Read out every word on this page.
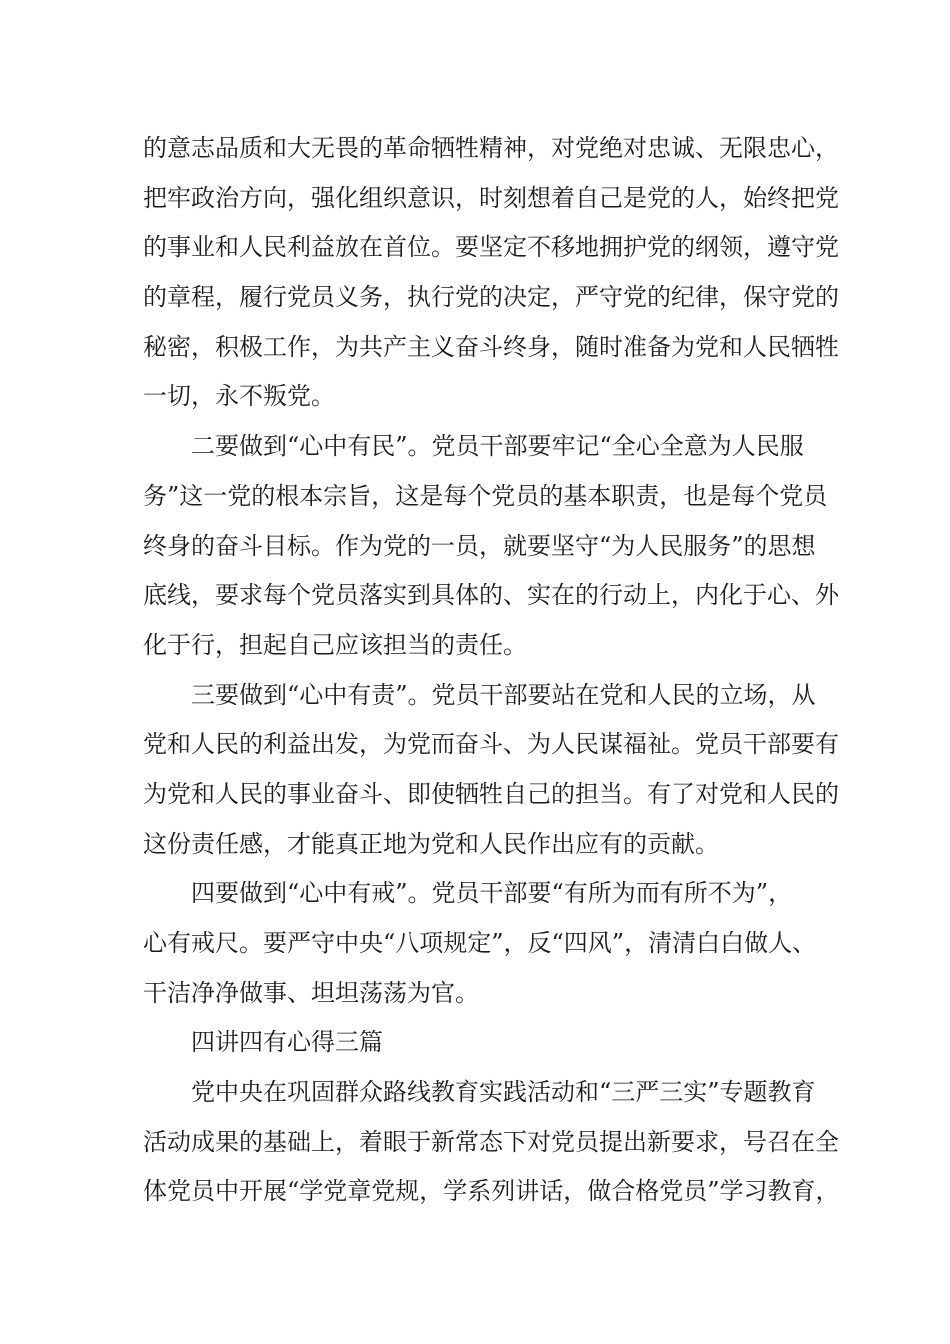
的意志品质和大无畏的革命牺牲精神，对党绝对忠诚、无限忠心，
把牢政治方向，强化组织意识，时刻想着自己是党的人，始终把党
的事业和人民利益放在首位。要坚定不移地拥护党的纲领，遵守党
的章程，履行党员义务，执行党的决定，严守党的纪律，保守党的
秘密，积极工作，为共产主义奋斗终身，随时准备为党和人民牺牲
一切，永不叛党。
二要做到“心中有民”。党员干部要牢记“全心全意为人民服
务”这一党的根本宗旨，这是每个党员的基本职责，也是每个党员
终身的奋斗目标。作为党的一员，就要坚守“为人民服务”的思想
底线，要求每个党员落实到具体的、实在的行动上，内化于心、外
化于行，担起自己应该担当的责任。
三要做到“心中有责”。党员干部要站在党和人民的立场，从
党和人民的利益出发，为党而奋斗、为人民谋福祉。党员干部要有
为党和人民的事业奋斗、即使牺牲自己的担当。有了对党和人民的
这份责任感，才能真正地为党和人民作出应有的贡献。
四要做到“心中有戒”。党员干部要“有所为而有所不为”，
心有戒尺。要严守中央“八项规定”，反“四风”，清清白白做人、
干洁净净做事、坦坦荡荡为官。
四讲四有心得三篇
党中央在巩固群众路线教育实践活动和“三严三实”专题教育
活动成果的基础上，着眼于新常态下对党员提出新要求，号召在全
体党员中开展“学党章党规，学系列讲话，做合格党员”学习教育，
